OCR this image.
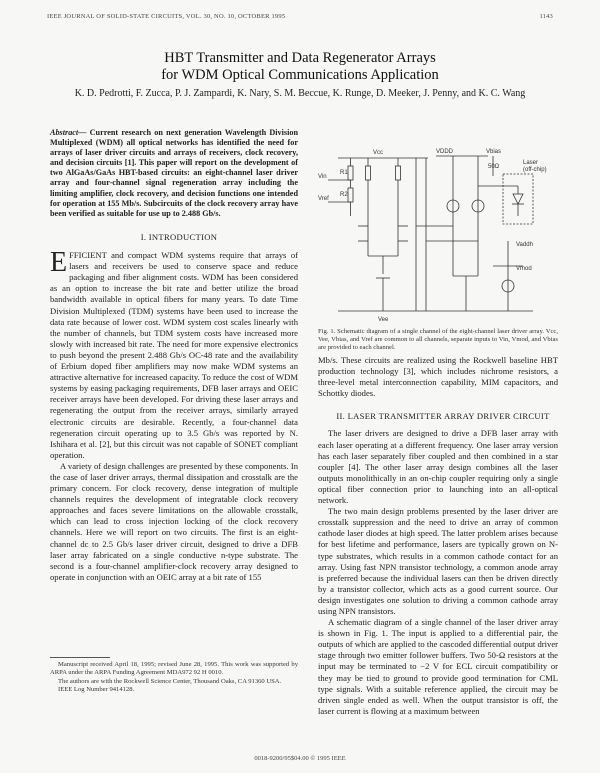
IEEE JOURNAL OF SOLID-STATE CIRCUITS, VOL. 30, NO. 10, OCTOBER 1995	1143
HBT Transmitter and Data Regenerator Arrays
for WDM Optical Communications Application
K. D. Pedrotti, F. Zucca, P. J. Zampardi, K. Nary, S. M. Beccue, K. Runge, D. Meeker, J. Penny, and K. C. Wang
Abstract— Current research on next generation Wavelength Division Multiplexed (WDM) all optical networks has identified the need for arrays of laser driver circuits and arrays of receivers, clock recovery, and decision circuits [1]. This paper will report on the development of two AlGaAs/GaAs HBT-based circuits: an eight-channel laser driver array and four-channel signal regeneration array including the limiting amplifier, clock recovery, and decision functions one intended for operation at 155 Mb/s. Subcircuits of the clock recovery array have been verified as suitable for use up to 2.488 Gb/s.

I. INTRODUCTION

EFFICIENT and compact WDM systems require that arrays of lasers and receivers be used to conserve space and reduce packaging and fiber alignment costs. WDM has been considered as an option to increase the bit rate and better utilize the broad bandwidth available in optical fibers for many years. To date Time Division Multiplexed (TDM) systems have been used to increase the data rate because of lower cost. WDM system cost scales linearly with the number of channels, but TDM system costs have increased more slowly with increased bit rate. The need for more expensive electronics to push beyond the present 2.488 Gb/s OC-48 rate and the availability of Erbium doped fiber amplifiers may now make WDM systems an attractive alternative for increased capacity. To reduce the cost of WDM systems by easing packaging requirements, DFB laser arrays and OEIC receiver arrays have been developed. For driving these laser arrays and regenerating the output from the receiver arrays, similarly arrayed electronic circuits are desirable. Recently, a four-channel data regeneration circuit operating up to 3.5 Gb/s was reported by N. Ishihara et al. [2], but this circuit was not capable of SONET compliant operation.

A variety of design challenges are presented by these components. In the case of laser driver arrays, thermal dissipation and crosstalk are the primary concern. For clock recovery, dense integration of multiple channels requires the development of integratable clock recovery approaches and faces severe limitations on the allowable crosstalk, which can lead to cross injection locking of the clock recovery channels. Here we will report on two circuits. The first is an eight-channel dc to 2.5 Gb/s laser driver circuit, designed to drive a DFB laser array fabricated on a single conductive n-type substrate. The second is a four-channel amplifier-clock recovery array designed to operate in conjunction with an OEIC array at a bit rate of 155

Manuscript received April 18, 1995; revised June 28, 1995. This work was supported by ARPA under the ARPA Funding Agreement MDA972 92 H 0010.

The authors are with the Rockwell Science Center, Thousand Oaks, CA 91360 USA.

IEEE Log Number 9414128.

Vcc	VDDD	Vbias
50Ω
Laser
(off-chip)
Vin
Vref
Vmod
Vaddh
Vee
R1
R2
Fig. 1. Schematic diagram of a single channel of the eight-channel laser driver array. Vcc, Vee, Vbias, and Vref are common to all channels, separate inputs to Vin, Vmod, and Vbias are provided to each channel.

Mb/s. These circuits are realized using the Rockwell baseline HBT production technology [3], which includes nichrome resistors, a three-level metal interconnection capability, MIM capacitors, and Schottky diodes.

II. LASER TRANSMITTER ARRAY DRIVER CIRCUIT

The laser drivers are designed to drive a DFB laser array with each laser operating at a different frequency. One laser array version has each laser separately fiber coupled and then combined in a star coupler [4]. The other laser array design combines all the laser outputs monolithically in an on-chip coupler requiring only a single optical fiber connection prior to launching into an all-optical network.

The two main design problems presented by the laser driver are crosstalk suppression and the need to drive an array of common cathode laser diodes at high speed. The latter problem arises because for best lifetime and performance, lasers are typically grown on N-type substrates, which results in a common cathode contact for an array. Using fast NPN transistor technology, a common anode array is preferred because the individual lasers can then be driven directly by a transistor collector, which acts as a good current source. Our design investigates one solution to driving a common cathode array using NPN transistors.

A schematic diagram of a single channel of the laser driver array is shown in Fig. 1. The input is applied to a differential pair, the outputs of which are applied to the cascoded differential output driver stage through two emitter follower buffers. Two 50-Ω resistors at the input may be terminated to −2 V for ECL circuit compatibility or they may be tied to ground to provide good termination for CML type signals. With a suitable reference applied, the circuit may be driven single ended as well. When the output transistor is off, the laser current is flowing at a maximum between

0018-9200/95$04.00 © 1995 IEEE
